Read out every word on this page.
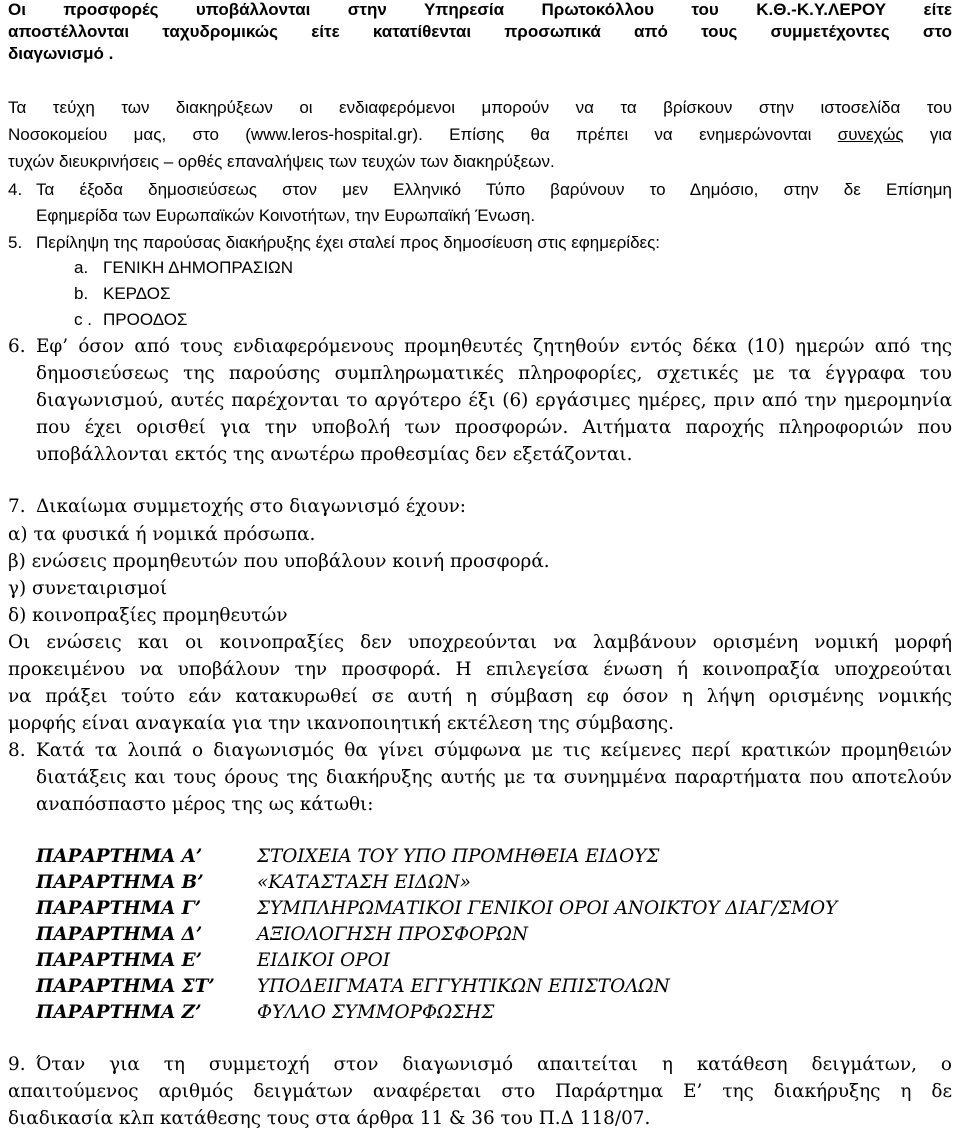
Οι προσφορές υποβάλλονται στην Υπηρεσία Πρωτοκόλλου του Κ.Θ.-Κ.Υ.ΛΕΡΟΥ είτε
αποστέλλονται ταχυδρομικώς είτε κατατίθενται προσωπικά από τους συμμετέχοντες στο
διαγωνισμό .
Τα τεύχη των διακηρύξεων οι ενδιαφερόμενοι μπορούν να τα βρίσκουν στην ιστοσελίδα του
Νοσοκομείου μας, στο (www.leros-hospital.gr). Επίσης θα πρέπει να ενημερώνονται συνεχώς για
τυχών διευκρινήσεις – ορθές επαναλήψεις των τευχών των διακηρύξεων.
4. Τα έξοδα δημοσιεύσεως στον μεν Ελληνικό Τύπο βαρύνουν το Δημόσιο, στην δε Επίσημη
Εφημερίδα των Ευρωπαϊκών Κοινοτήτων, την Ευρωπαϊκή Ένωση.
5. Περίληψη της παρούσας διακήρυξης έχει σταλεί προς δημοσίευση στις εφημερίδες:
a. ΓΕΝΙΚΗ ΔΗΜΟΠΡΑΣΙΩΝ
b. ΚΕΡΔΟΣ
c . ΠΡΟΟΔΟΣ
6. Εφ’ όσον από τους ενδιαφερόμενους προμηθευτές ζητηθούν εντός δέκα (10) ημερών από της
δημοσιεύσεως της παρούσης συμπληρωματικές πληροφορίες, σχετικές με τα έγγραφα του
διαγωνισμού, αυτές παρέχονται το αργότερο έξι (6) εργάσιμες ημέρες, πριν από την ημερομηνία
που έχει ορισθεί για την υποβολή των προσφορών. Αιτήματα παροχής πληροφοριών που
υποβάλλονται εκτός της ανωτέρω προθεσμίας δεν εξετάζονται.
7. Δικαίωμα συμμετοχής στο διαγωνισμό έχουν:
α) τα φυσικά ή νομικά πρόσωπα.
β) ενώσεις προμηθευτών που υποβάλουν κοινή προσφορά.
γ) συνεταιρισμοί
δ) κοινοπραξίες προμηθευτών
Οι ενώσεις και οι κοινοπραξίες δεν υποχρεούνται να λαμβάνουν ορισμένη νομική μορφή
προκειμένου να υποβάλουν την προσφορά. Η επιλεγείσα ένωση ή κοινοπραξία υποχρεούται
να πράξει τούτο εάν κατακυρωθεί σε αυτή η σύμβαση εφ όσον η λήψη ορισμένης νομικής
μορφής είναι αναγκαία για την ικανοποιητική εκτέλεση της σύμβασης.
8. Κατά τα λοιπά ο διαγωνισμός θα γίνει σύμφωνα με τις κείμενες περί κρατικών προμηθειών
διατάξεις και τους όρους της διακήρυξης αυτής με τα συνημμένα παραρτήματα που αποτελούν
αναπόσπαστο μέρος της ως κάτωθι:
ΠΑΡΑΡΤΗΜΑ Α’	ΣΤΟΙΧΕΙΑ ΤΟΥ ΥΠΟ ΠΡΟΜΗΘΕΙΑ ΕΙΔΟΥΣ
ΠΑΡΑΡΤΗΜΑ Β’	«ΚΑΤΑΣΤΑΣΗ ΕΙΔΩΝ»
ΠΑΡΑΡΤΗΜΑ Γ’	ΣΥΜΠΛΗΡΩΜΑΤΙΚΟΙ ΓΕΝΙΚΟΙ ΟΡΟΙ ΑΝΟΙΚΤΟΥ ΔΙΑΓ/ΣΜΟΥ
ΠΑΡΑΡΤΗΜΑ Δ’	ΑΞΙΟΛΟΓΗΣΗ ΠΡΟΣΦΟΡΩΝ
ΠΑΡΑΡΤΗΜΑ Ε’	ΕΙΔΙΚΟΙ ΟΡΟΙ
ΠΑΡΑΡΤΗΜΑ ΣΤ’ ΥΠΟΔΕΙΓΜΑΤΑ ΕΓΓΥΗΤΙΚΩΝ ΕΠΙΣΤΟΛΩΝ
ΠΑΡΑΡΤΗΜΑ Ζ’	ΦΥΛΛΟ ΣΥΜΜΟΡΦΩΣΗΣ
9. Όταν για τη συμμετοχή στον διαγωνισμό απαιτείται η κατάθεση δειγμάτων, ο
απαιτούμενος αριθμός δειγμάτων αναφέρεται στο Παράρτημα Ε’ της διακήρυξης η δε
διαδικασία κλπ κατάθεσης τους στα άρθρα 11 & 36 του Π.Δ 118/07.
